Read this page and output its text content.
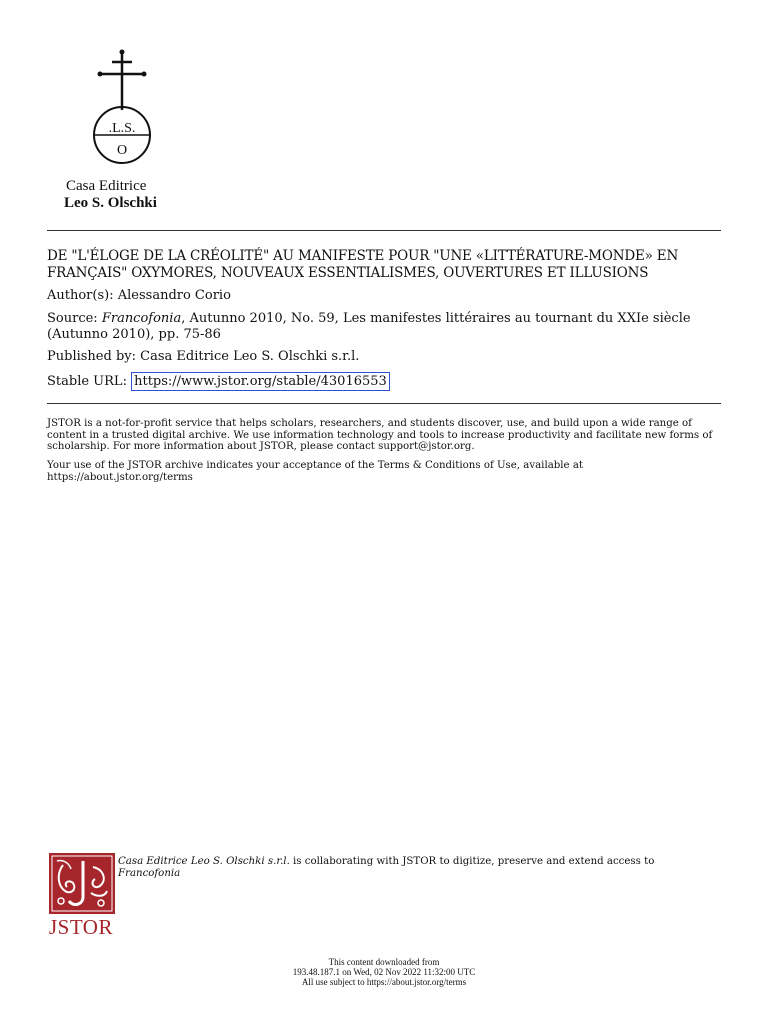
.L.S.
O
Casa Editrice
Leo S. Olschki
DE "L'ÉLOGE DE LA CRÉOLITÉ" AU MANIFESTE POUR "UNE «LITTÉRATURE-MONDE» EN FRANÇAIS" OXYMORES, NOUVEAUX ESSENTIALISMES, OUVERTURES ET ILLUSIONS
Author(s): Alessandro Corio
Source: Francofonia, Autunno 2010, No. 59, Les manifestes littéraires au tournant du XXIe siècle (Autunno 2010), pp. 75-86
Published by: Casa Editrice Leo S. Olschki s.r.l.
Stable URL: https://www.jstor.org/stable/43016553
JSTOR is a not-for-profit service that helps scholars, researchers, and students discover, use, and build upon a wide range of content in a trusted digital archive. We use information technology and tools to increase productivity and facilitate new forms of scholarship. For more information about JSTOR, please contact support@jstor.org.
Your use of the JSTOR archive indicates your acceptance of the Terms & Conditions of Use, available at https://about.jstor.org/terms
JSTOR
Casa Editrice Leo S. Olschki s.r.l. is collaborating with JSTOR to digitize, preserve and extend access to Francofonia
This content downloaded from
193.48.187.1 on Wed, 02 Nov 2022 11:32:00 UTC
All use subject to https://about.jstor.org/terms
